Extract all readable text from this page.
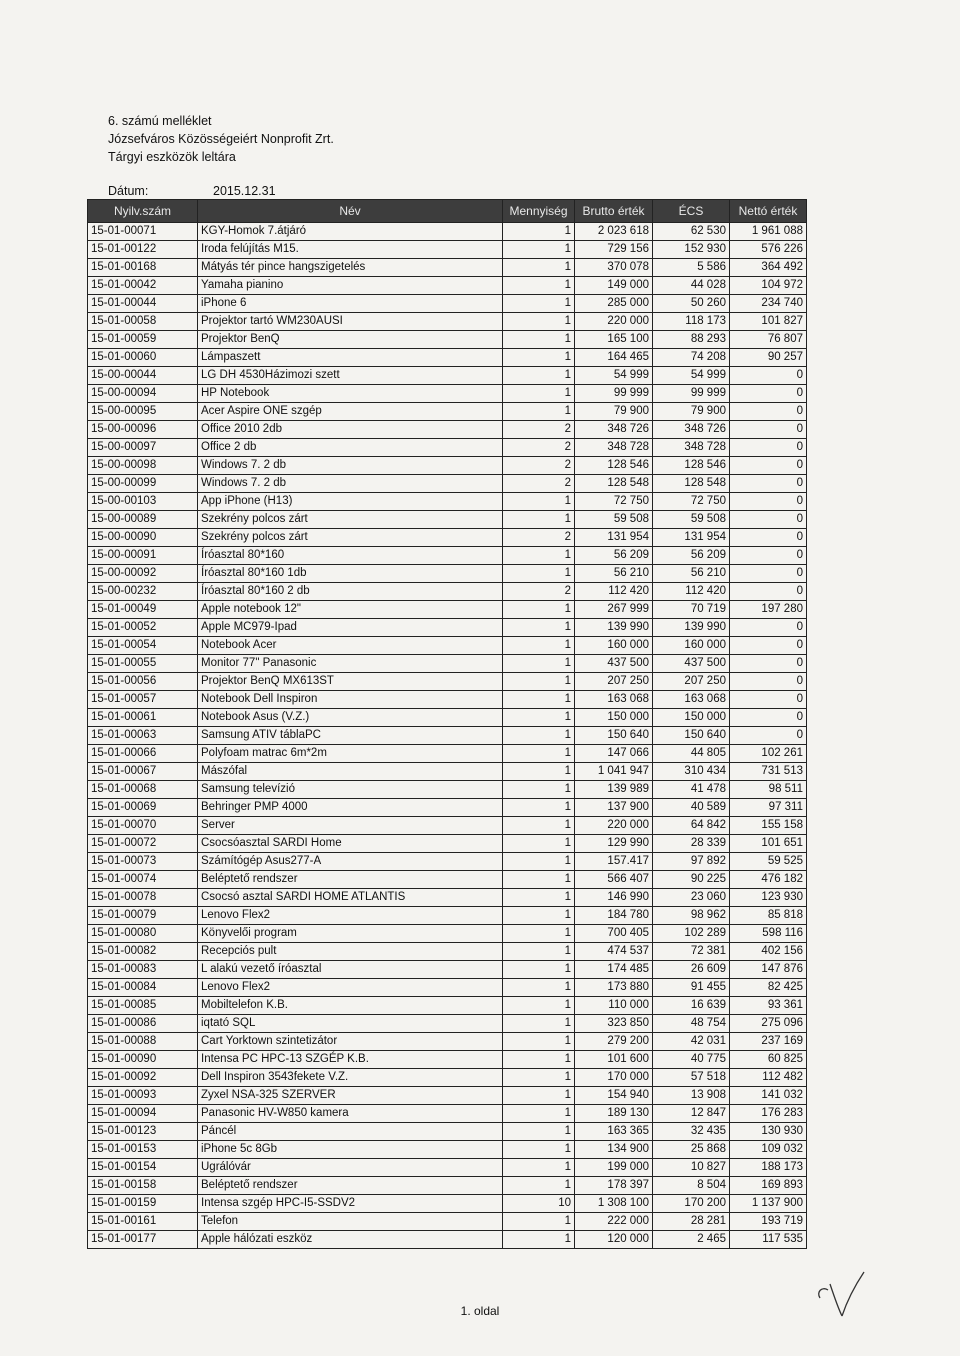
6. számú melléklet
Józsefváros Közösségeiért Nonprofit Zrt.
Tárgyi eszközök leltára
Dátum:	2015.12.31
Nyilv.szám	Név	Mennyiség	Brutto érték	ÉCS	Nettó érték
15-01-00071	KGY-Homok 7.átjáró	1	2 023 618	62 530	1 961 088
15-01-00122	Iroda felújítás M15.	1	729 156	152 930	576 226
15-01-00168	Mátyás tér pince hangszigetelés	1	370 078	5 586	364 492
15-01-00042	Yamaha pianino	1	149 000	44 028	104 972
15-01-00044	iPhone 6	1	285 000	50 260	234 740
15-01-00058	Projektor tartó WM230AUSI	1	220 000	118 173	101 827
15-01-00059	Projektor BenQ	1	165 100	88 293	76 807
15-01-00060	Lámpaszett	1	164 465	74 208	90 257
15-00-00044	LG DH 4530Házimozi szett	1	54 999	54 999	0
15-00-00094	HP Notebook	1	99 999	99 999	0
15-00-00095	Acer Aspire ONE szgép	1	79 900	79 900	0
15-00-00096	Office 2010 2db	2	348 726	348 726	0
15-00-00097	Office 2 db	2	348 728	348 728	0
15-00-00098	Windows 7. 2 db	2	128 546	128 546	0
15-00-00099	Windows 7. 2 db	2	128 548	128 548	0
15-00-00103	App iPhone (H13)	1	72 750	72 750	0
15-00-00089	Szekrény polcos zárt	1	59 508	59 508	0
15-00-00090	Szekrény polcos zárt	2	131 954	131 954	0
15-00-00091	Íróasztal 80*160	1	56 209	56 209	0
15-00-00092	Íróasztal 80*160 1db	1	56 210	56 210	0
15-00-00232	Íróasztal 80*160 2 db	2	112 420	112 420	0
15-01-00049	Apple notebook 12"	1	267 999	70 719	197 280
15-01-00052	Apple MC979-Ipad	1	139 990	139 990	0
15-01-00054	Notebook Acer	1	160 000	160 000	0
15-01-00055	Monitor 77" Panasonic	1	437 500	437 500	0
15-01-00056	Projektor BenQ MX613ST	1	207 250	207 250	0
15-01-00057	Notebook Dell Inspiron	1	163 068	163 068	0
15-01-00061	Notebook Asus (V.Z.)	1	150 000	150 000	0
15-01-00063	Samsung ATIV táblaPC	1	150 640	150 640	0
15-01-00066	Polyfoam matrac 6m*2m	1	147 066	44 805	102 261
15-01-00067	Mászófal	1	1 041 947	310 434	731 513
15-01-00068	Samsung televízió	1	139 989	41 478	98 511
15-01-00069	Behringer PMP 4000	1	137 900	40 589	97 311
15-01-00070	Server	1	220 000	64 842	155 158
15-01-00072	Csocsóasztal SARDI Home	1	129 990	28 339	101 651
15-01-00073	Számítógép Asus277-A	1	157.417	97 892	59 525
15-01-00074	Beléptető rendszer	1	566 407	90 225	476 182
15-01-00078	Csocsó asztal SARDI HOME ATLANTIS	1	146 990	23 060	123 930
15-01-00079	Lenovo Flex2	1	184 780	98 962	85 818
15-01-00080	Könyvelői program	1	700 405	102 289	598 116
15-01-00082	Recepciós pult	1	474 537	72 381	402 156
15-01-00083	L alakú vezető íróasztal	1	174 485	26 609	147 876
15-01-00084	Lenovo Flex2	1	173 880	91 455	82 425
15-01-00085	Mobiltelefon K.B.	1	110 000	16 639	93 361
15-01-00086	iqtató SQL	1	323 850	48 754	275 096
15-01-00088	Cart Yorktown szintetizátor	1	279 200	42 031	237 169
15-01-00090	Intensa PC HPC-13 SZGÉP K.B.	1	101 600	40 775	60 825
15-01-00092	Dell Inspiron 3543fekete V.Z.	1	170 000	57 518	112 482
15-01-00093	Zyxel NSA-325 SZERVER	1	154 940	13 908	141 032
15-01-00094	Panasonic HV-W850 kamera	1	189 130	12 847	176 283
15-01-00123	Páncél	1	163 365	32 435	130 930
15-01-00153	iPhone 5c 8Gb	1	134 900	25 868	109 032
15-01-00154	Ugrálóvár	1	199 000	10 827	188 173
15-01-00158	Beléptető rendszer	1	178 397	8 504	169 893
15-01-00159	Intensa szgép HPC-I5-SSDV2	10	1 308 100	170 200	1 137 900
15-01-00161	Telefon	1	222 000	28 281	193 719
15-01-00177	Apple hálózati eszköz	1	120 000	2 465	117 535
1. oldal
